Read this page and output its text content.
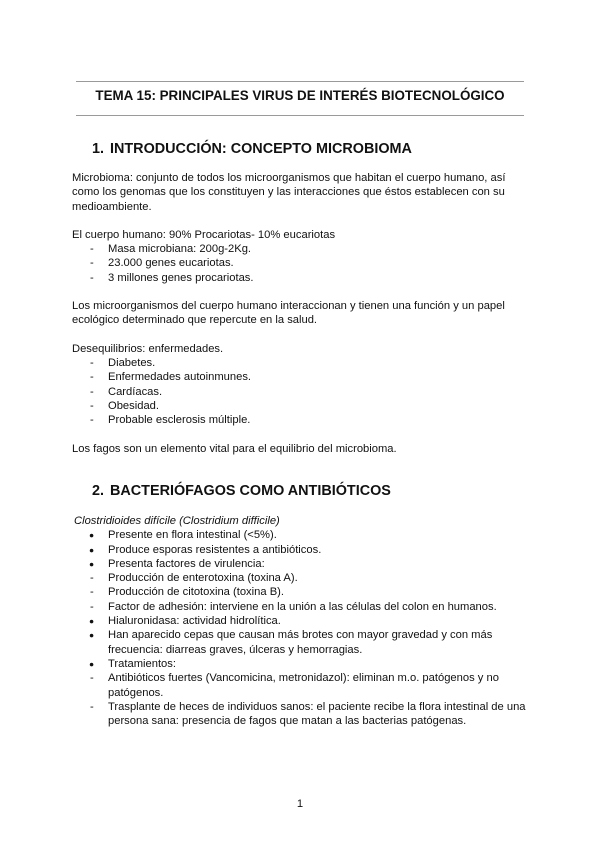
TEMA 15: PRINCIPALES VIRUS DE INTERÉS BIOTECNOLÓGICO
1. INTRODUCCIÓN: CONCEPTO MICROBIOMA

Microbioma: conjunto de todos los microorganismos que habitan el cuerpo humano, así como los genomas que los constituyen y las interacciones que éstos establecen con su medioambiente.

El cuerpo humano: 90% Procariotas- 10% eucariotas

- Masa microbiana: 200g-2Kg.
- 23.000 genes eucariotas.
- 3 millones genes procariotas.

Los microorganismos del cuerpo humano interaccionan y tienen una función y un papel ecológico determinado que repercute en la salud.

Desequilibrios: enfermedades.

- Diabetes.
- Enfermedades autoinmunes.
- Cardíacas.
- Obesidad.
- Probable esclerosis múltiple.

Los fagos son un elemento vital para el equilibrio del microbioma.

2. BACTERIÓFAGOS COMO ANTIBIÓTICOS
Clostridioides difícile (Clostridium difficile)
● Presente en flora intestinal (<5%).
● Produce esporas resistentes a antibióticos.
● Presenta factores de virulencia:
- Producción de enterotoxina (toxina A).
- Producción de citotoxina (toxina B).
- Factor de adhesión: interviene en la unión a las células del colon en humanos.
● Hialuronidasa: actividad hidrolítica.
● Han aparecido cepas que causan más brotes con mayor gravedad y con más frecuencia: diarreas graves, úlceras y hemorragias.
● Tratamientos:
- Antibióticos fuertes (Vancomicina, metronidazol): eliminan m.o. patógenos y no patógenos.
- Trasplante de heces de individuos sanos: el paciente recibe la flora intestinal de una persona sana: presencia de fagos que matan a las bacterias patógenas.
1
